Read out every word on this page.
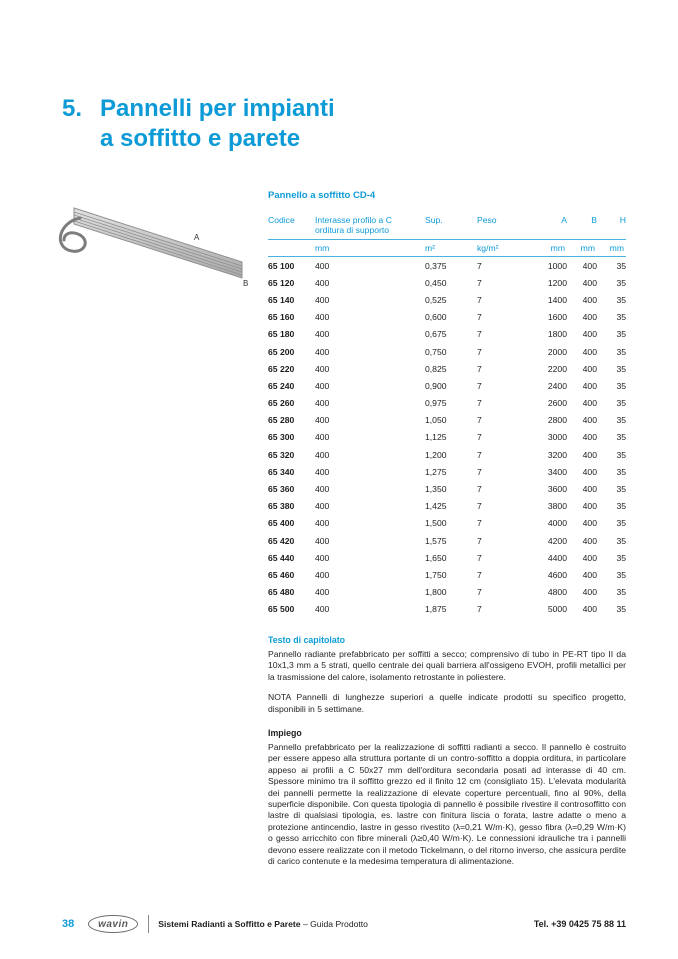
5. Pannelli per impianti
a soffitto e parete
A
B
Pannello a soffitto CD-4
Codice	Interasse profilo a C orditura di supporto	Sup.	Peso	A	B	H
	mm	m²	kg/m²	mm	mm	mm
65 100	400	0,375	7	1000	400	35
65 120	400	0,450	7	1200	400	35
65 140	400	0,525	7	1400	400	35
65 160	400	0,600	7	1600	400	35
65 180	400	0,675	7	1800	400	35
65 200	400	0,750	7	2000	400	35
65 220	400	0,825	7	2200	400	35
65 240	400	0,900	7	2400	400	35
65 260	400	0,975	7	2600	400	35
65 280	400	1,050	7	2800	400	35
65 300	400	1,125	7	3000	400	35
65 320	400	1,200	7	3200	400	35
65 340	400	1,275	7	3400	400	35
65 360	400	1,350	7	3600	400	35
65 380	400	1,425	7	3800	400	35
65 400	400	1,500	7	4000	400	35
65 420	400	1,575	7	4200	400	35
65 440	400	1,650	7	4400	400	35
65 460	400	1,750	7	4600	400	35
65 480	400	1,800	7	4800	400	35
65 500	400	1,875	7	5000	400	35
Testo di capitolato

Pannello radiante prefabbricato per soffitti a secco; comprensivo di tubo in PE-RT tipo II da 10x1,3 mm a 5 strati, quello centrale dei quali barriera all'ossigeno EVOH, profili metallici per la trasmissione del calore, isolamento retrostante in poliestere.

NOTA Pannelli di lunghezze superiori a quelle indicate prodotti su specifico progetto, disponibili in 5 settimane.

Impiego

Pannello prefabbricato per la realizzazione di soffitti radianti a secco. Il pannello è costruito per essere appeso alla struttura portante di un contro-soffitto a doppia orditura, in particolare appeso ai profili a C 50x27 mm dell'orditura secondaria posati ad interasse di 40 cm. Spessore minimo tra il soffitto grezzo ed il finito 12 cm (consigliato 15). L'elevata modularità dei pannelli permette la realizzazione di elevate coperture percentuali, fino al 90%, della superficie disponibile. Con questa tipologia di pannello è possibile rivestire il controsoffitto con lastre di qualsiasi tipologia, es. lastre con finitura liscia o forata, lastre adatte o meno a protezione antincendio, lastre in gesso rivestito (λ=0,21 W/m·K), gesso fibra (λ=0,29 W/m·K) o gesso arricchito con fibre minerali (λ≥0,40 W/m·K). Le connessioni idrauliche tra i pannelli devono essere realizzate con il metodo Tickelmann, o del ritorno inverso, che assicura perdite di carico contenute e la medesima temperatura di alimentazione.

38 wavin	Sistemi Radianti a Soffitto e Parete – Guida Prodotto	Tel. +39 0425 75 88 11
